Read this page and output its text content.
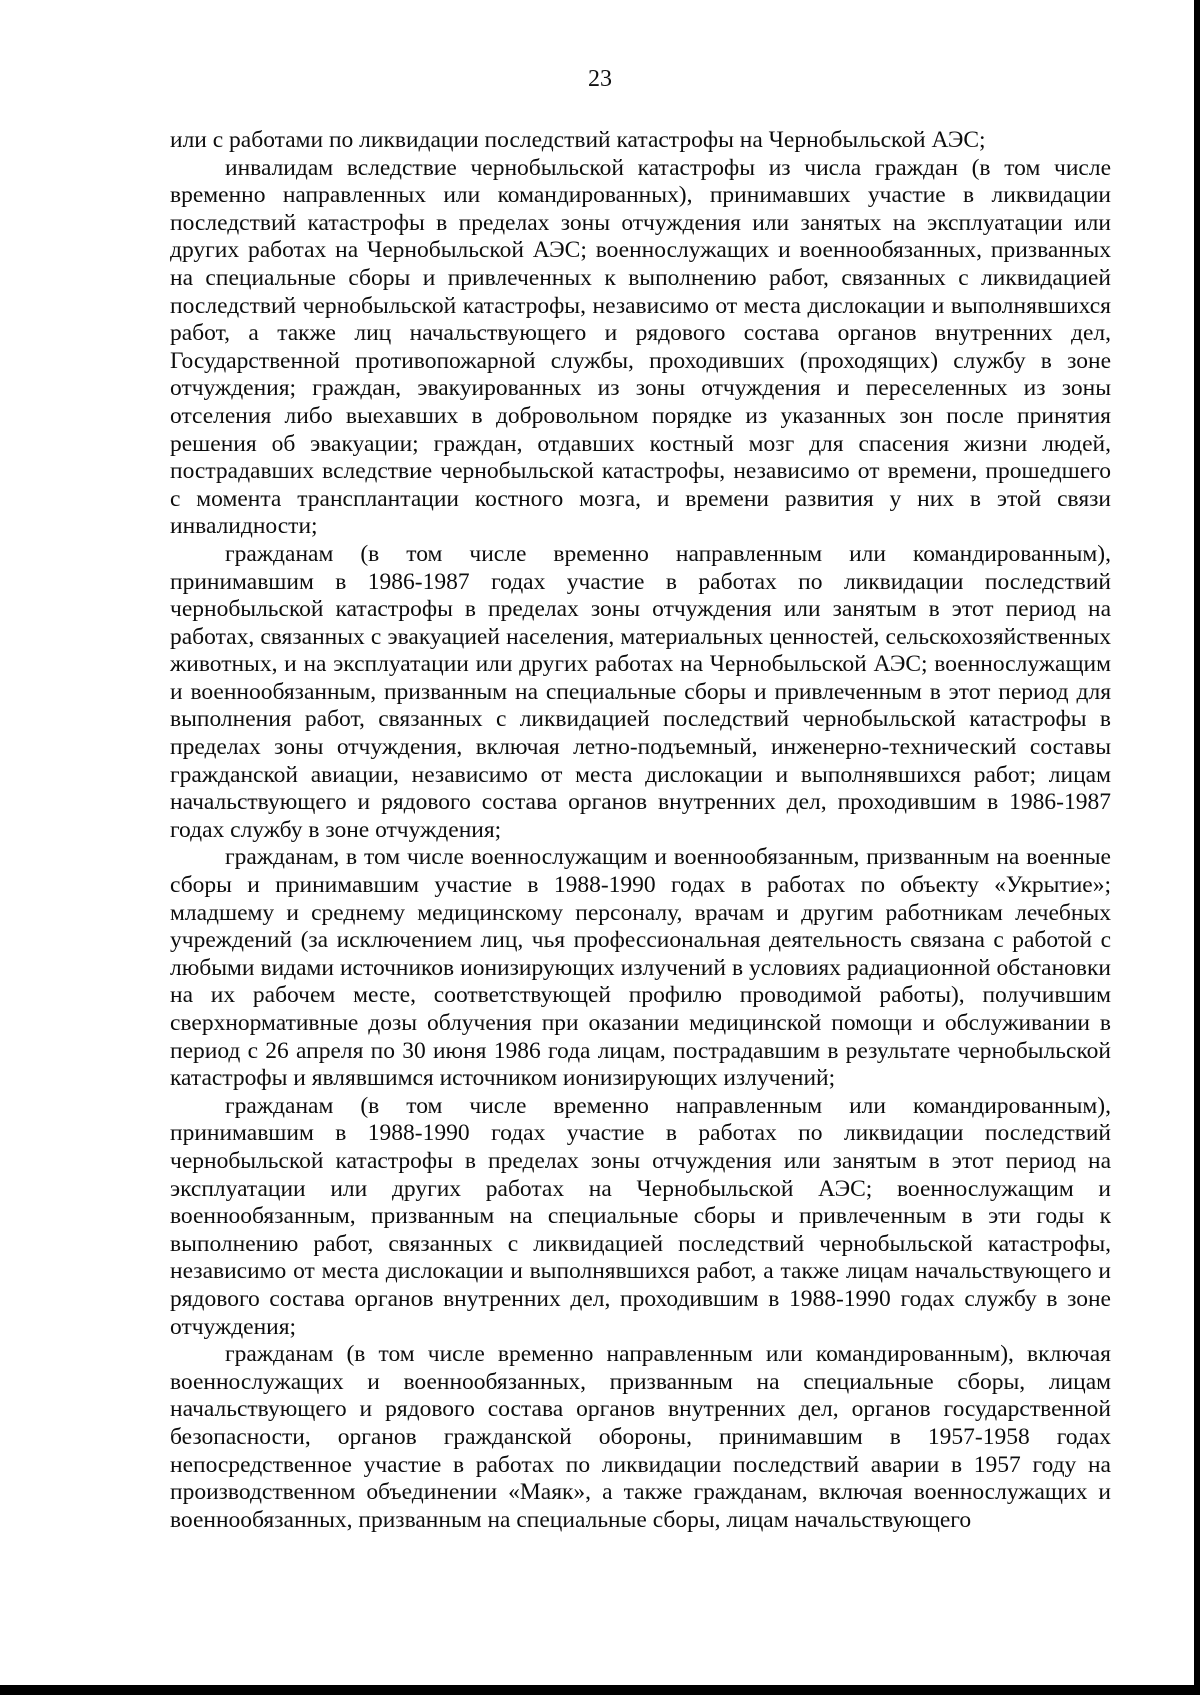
23

или с работами по ликвидации последствий катастрофы на Чернобыльской АЭС;

инвалидам вследствие чернобыльской катастрофы из числа граждан (в том числе временно направленных или командированных), принимавших участие в ликвидации последствий катастрофы в пределах зоны отчуждения или занятых на эксплуатации или других работах на Чернобыльской АЭС; военнослужащих и военнообязанных, призванных на специальные сборы и привлеченных к выполнению работ, связанных с ликвидацией последствий чернобыльской катастрофы, независимо от места дислокации и выполнявшихся работ, а также лиц начальствующего и рядового состава органов внутренних дел, Государственной противопожарной службы, проходивших (проходящих) службу в зоне отчуждения; граждан, эвакуированных из зоны отчуждения и переселенных из зоны отселения либо выехавших в добровольном порядке из указанных зон после принятия решения об эвакуации; граждан, отдавших костный мозг для спасения жизни людей, пострадавших вследствие чернобыльской катастрофы, независимо от времени, прошедшего с момента трансплантации костного мозга, и времени развития у них в этой связи инвалидности;

гражданам (в том числе временно направленным или командированным), принимавшим в 1986-1987 годах участие в работах по ликвидации последствий чернобыльской катастрофы в пределах зоны отчуждения или занятым в этот период на работах, связанных с эвакуацией населения, материальных ценностей, сельскохозяйственных животных, и на эксплуатации или других работах на Чернобыльской АЭС; военнослужащим и военнообязанным, призванным на специальные сборы и привлеченным в этот период для выполнения работ, связанных с ликвидацией последствий чернобыльской катастрофы в пределах зоны отчуждения, включая летно-подъемный, инженерно-технический составы гражданской авиации, независимо от места дислокации и выполнявшихся работ; лицам начальствующего и рядового состава органов внутренних дел, проходившим в 1986-1987 годах службу в зоне отчуждения;

гражданам, в том числе военнослужащим и военнообязанным, призванным на военные сборы и принимавшим участие в 1988-1990 годах в работах по объекту «Укрытие»; младшему и среднему медицинскому персоналу, врачам и другим работникам лечебных учреждений (за исключением лиц, чья профессиональная деятельность связана с работой с любыми видами источников ионизирующих излучений в условиях радиационной обстановки на их рабочем месте, соответствующей профилю проводимой работы), получившим сверхнормативные дозы облучения при оказании медицинской помощи и обслуживании в период с 26 апреля по 30 июня 1986 года лицам, пострадавшим в результате чернобыльской катастрофы и являвшимся источником ионизирующих излучений;

гражданам (в том числе временно направленным или командированным), принимавшим в 1988-1990 годах участие в работах по ликвидации последствий чернобыльской катастрофы в пределах зоны отчуждения или занятым в этот период на эксплуатации или других работах на Чернобыльской АЭС; военнослужащим и военнообязанным, призванным на специальные сборы и привлеченным в эти годы к выполнению работ, связанных с ликвидацией последствий чернобыльской катастрофы, независимо от места дислокации и выполнявшихся работ, а также лицам начальствующего и рядового состава органов внутренних дел, проходившим в 1988-1990 годах службу в зоне отчуждения;

гражданам (в том числе временно направленным или командированным), включая военнослужащих и военнообязанных, призванным на специальные сборы, лицам начальствующего и рядового состава органов внутренних дел, органов государственной безопасности, органов гражданской обороны, принимавшим в 1957-1958 годах непосредственное участие в работах по ликвидации последствий аварии в 1957 году на производственном объединении «Маяк», а также гражданам, включая военнослужащих и военнообязанных, призванным на специальные сборы, лицам начальствующего
